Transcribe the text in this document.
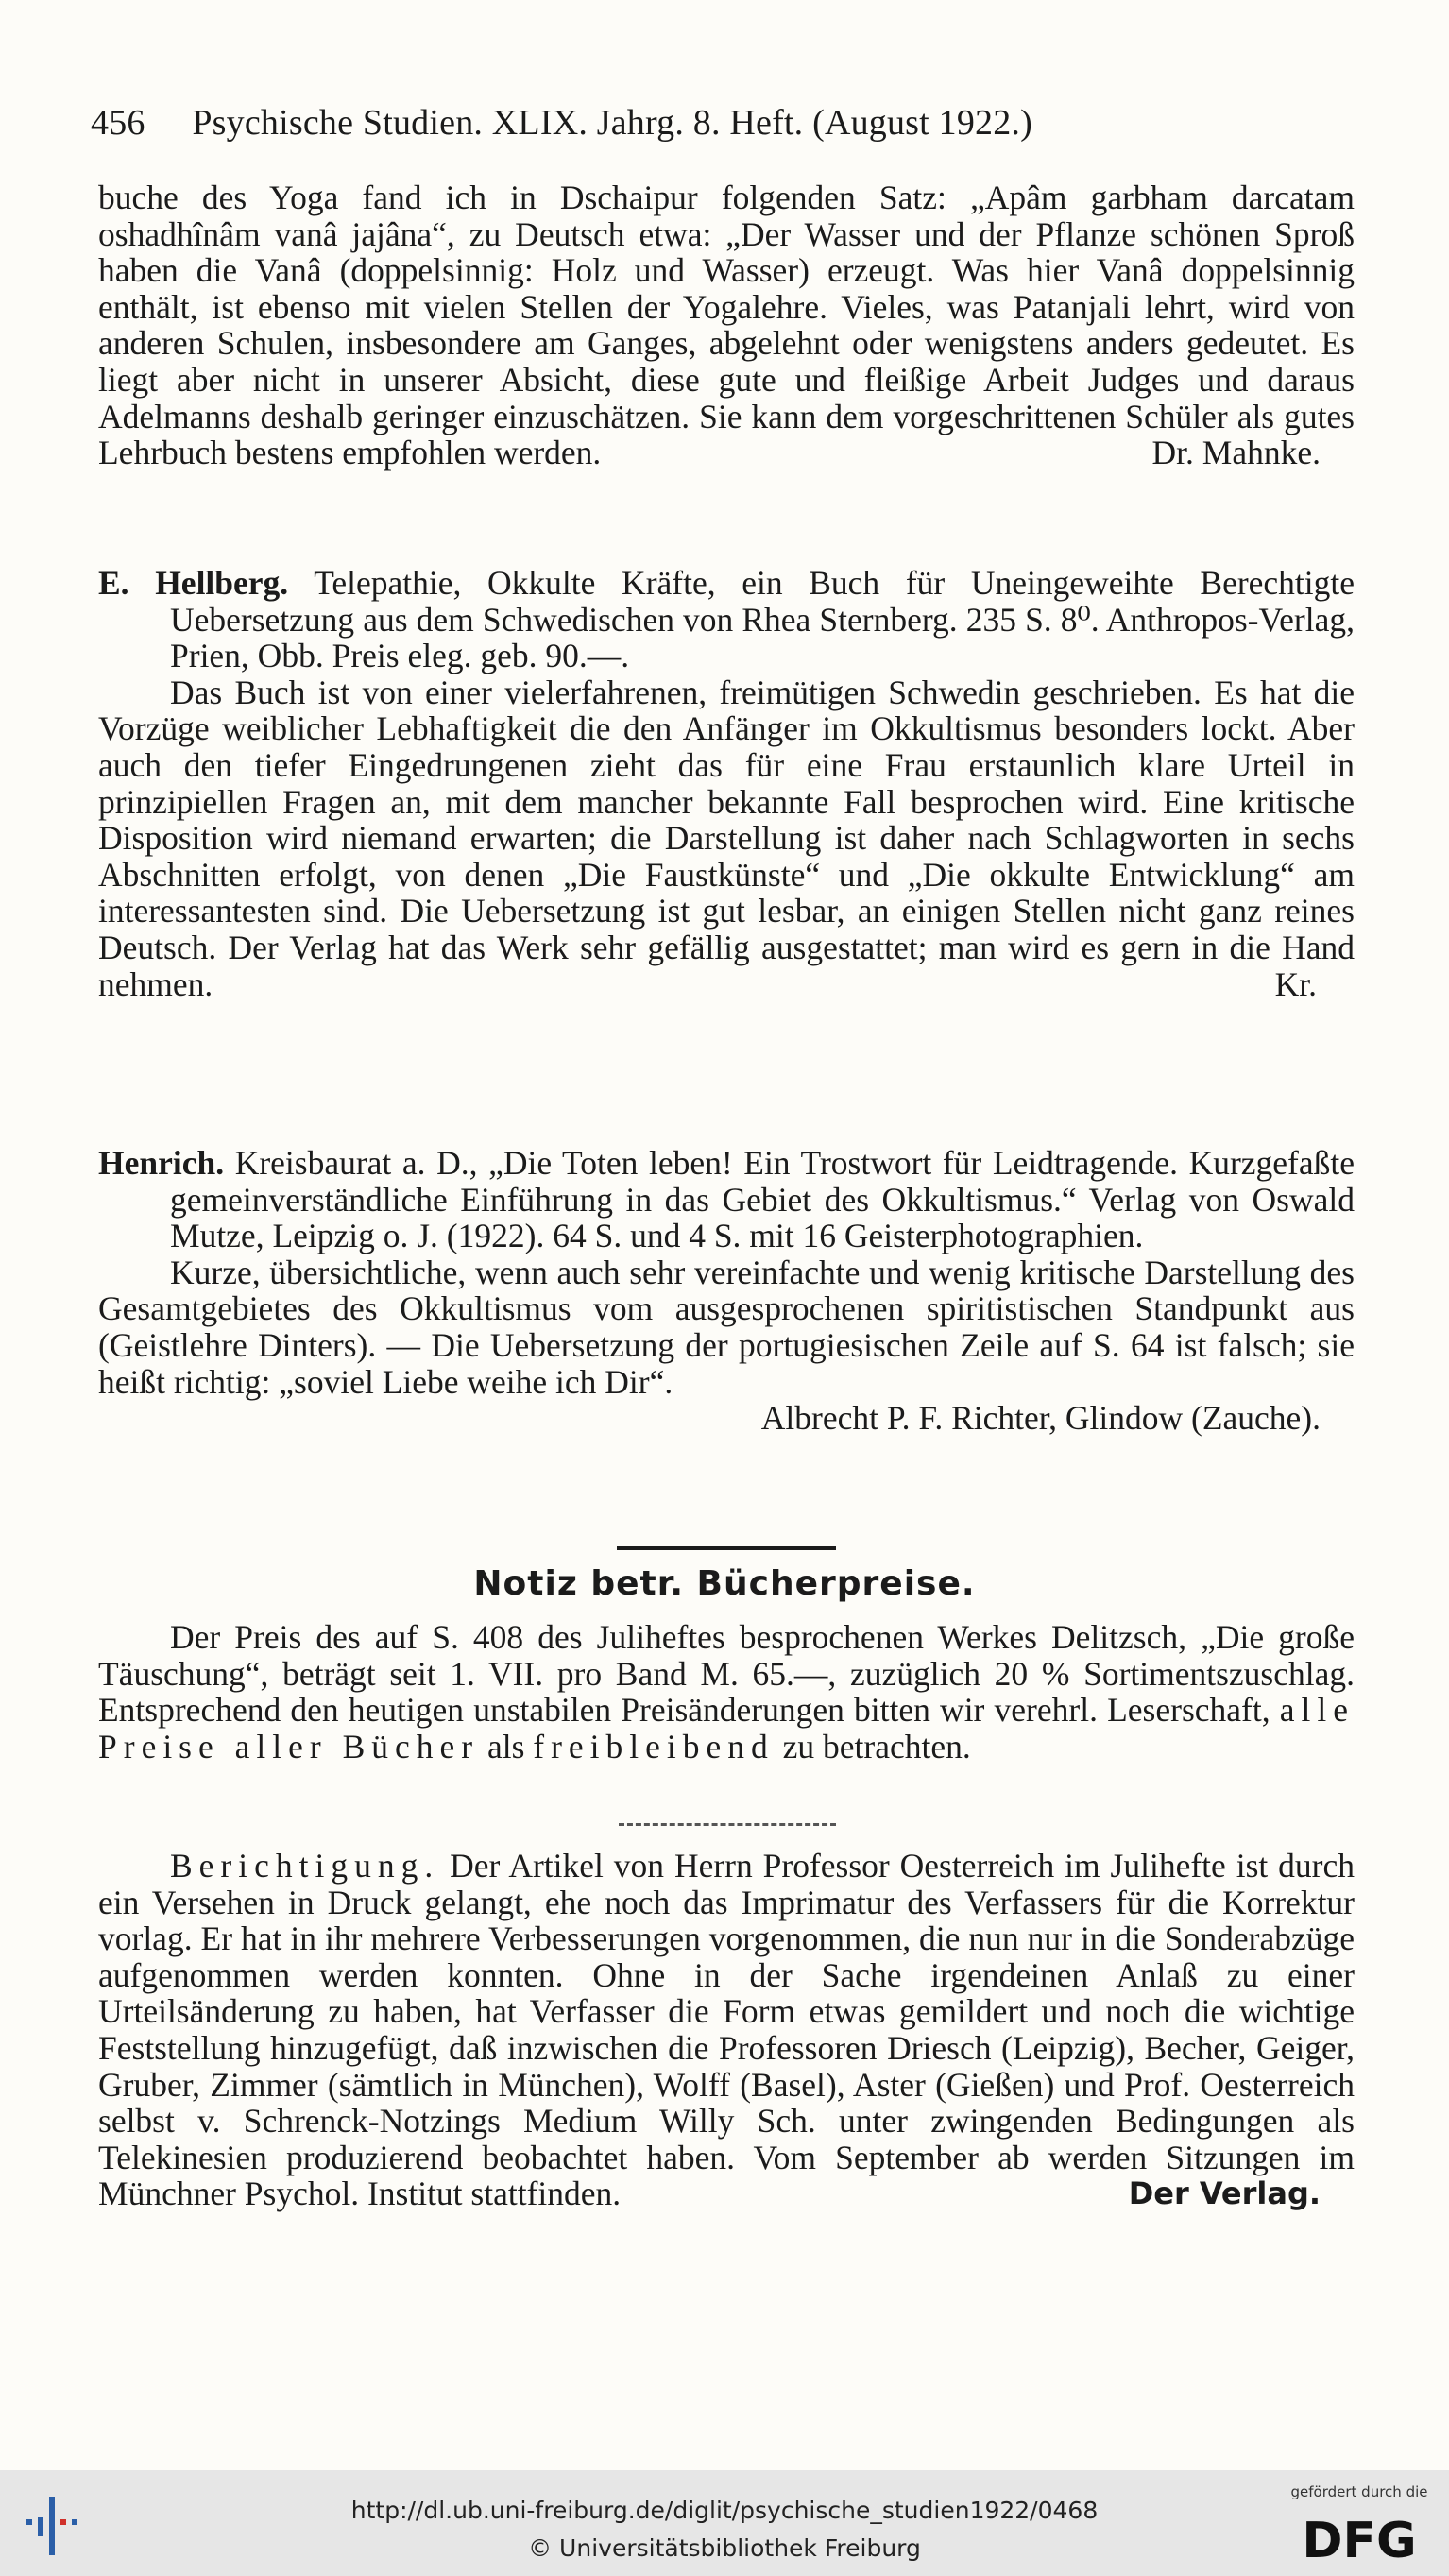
456 Psychische Studien. XLIX. Jahrg. 8. Heft. (August 1922.)

buche des Yoga fand ich in Dschaipur folgenden Satz: „Apâm garbham darcatam oshadhînâm vanâ jajâna“, zu Deutsch etwa: „Der Wasser und der Pflanze schönen Sproß haben die Vanâ (doppelsinnig: Holz und Wasser) erzeugt. Was hier Vanâ doppelsinnig enthält, ist ebenso mit vielen Stellen der Yogalehre. Vieles, was Patanjali lehrt, wird von anderen Schulen, insbesondere am Ganges, abgelehnt oder wenigstens anders gedeutet. Es liegt aber nicht in unserer Absicht, diese gute und fleißige Arbeit Judges und daraus Adelmanns deshalb geringer einzuschätzen. Sie kann dem vorgeschrittenen Schüler als gutes Lehrbuch bestens empfohlen werden.	Dr. Mahnke.

E. Hellberg. Telepathie, Okkulte Kräfte, ein Buch für Uneingeweihte Berechtigte Uebersetzung aus dem Schwedischen von Rhea Sternberg. 235 S. 8⁰. Anthropos-Verlag, Prien, Obb. Preis eleg. geb. 90.—.

Das Buch ist von einer vielerfahrenen, freimütigen Schwedin geschrieben. Es hat die Vorzüge weiblicher Lebhaftigkeit die den Anfänger im Okkultismus besonders lockt. Aber auch den tiefer Eingedrungenen zieht das für eine Frau erstaunlich klare Urteil in prinzipiellen Fragen an, mit dem mancher bekannte Fall besprochen wird. Eine kritische Disposition wird niemand erwarten; die Darstellung ist daher nach Schlagworten in sechs Abschnitten erfolgt, von denen „Die Faustkünste“ und „Die okkulte Entwicklung“ am interessantesten sind. Die Uebersetzung ist gut lesbar, an einigen Stellen nicht ganz reines Deutsch. Der Verlag hat das Werk sehr gefällig ausgestattet; man wird es gern in die Hand nehmen.	Kr.

Henrich. Kreisbaurat a. D., „Die Toten leben! Ein Trostwort für Leidtragende. Kurzgefaßte gemeinverständliche Einführung in das Gebiet des Okkultismus.“ Verlag von Oswald Mutze, Leipzig o. J. (1922). 64 S. und 4 S. mit 16 Geisterphotographien.

Kurze, übersichtliche, wenn auch sehr vereinfachte und wenig kritische Darstellung des Gesamtgebietes des Okkultismus vom ausgesprochenen spiritistischen Standpunkt aus (Geistlehre Dinters). — Die Uebersetzung der portugiesischen Zeile auf S. 64 ist falsch; sie heißt richtig: „soviel Liebe weihe ich Dir“.

Albrecht P. F. Richter, Glindow (Zauche).

Notiz betr. Bücherpreise.

Der Preis des auf S. 408 des Juliheftes besprochenen Werkes Delitzsch, „Die große Täuschung“, beträgt seit 1. VII. pro Band M. 65.—, zuzüglich 20 % Sortimentszuschlag. Entsprechend den heutigen unstabilen Preisänderungen bitten wir verehrl. Leserschaft, alle Preise aller Bücher als freibleibend zu betrachten.

Berichtigung. Der Artikel von Herrn Professor Oesterreich im Julihefte ist durch ein Versehen in Druck gelangt, ehe noch das Imprimatur des Verfassers für die Korrektur vorlag. Er hat in ihr mehrere Verbesserungen vorgenommen, die nun nur in die Sonderabzüge aufgenommen werden konnten. Ohne in der Sache irgendeinen Anlaß zu einer Urteilsänderung zu haben, hat Verfasser die Form etwas gemildert und noch die wichtige Feststellung hinzugefügt, daß inzwischen die Professoren Driesch (Leipzig), Becher, Geiger, Gruber, Zimmer (sämtlich in München), Wolff (Basel), Aster (Gießen) und Prof. Oesterreich selbst v. Schrenck-Notzings Medium Willy Sch. unter zwingenden Bedingungen als Telekinesien produzierend beobachtet haben. Vom September ab werden Sitzungen im Münchner Psychol. Institut stattfinden.	Der Verlag.

http://dl.ub.uni-freiburg.de/diglit/psychische_studien1922/0468
© Universitätsbibliothek Freiburg
gefördert durch die
DFG
